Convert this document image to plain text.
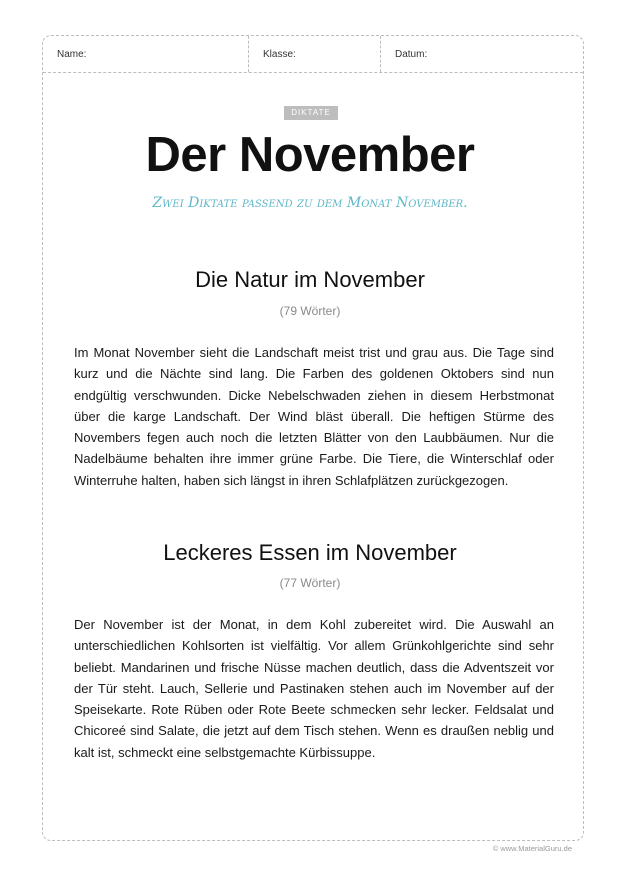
Name:	Klasse:	Datum:
DIKTATE
Der November
Zwei Diktate passend zu dem Monat November.
Die Natur im November
(79 Wörter)
Im Monat November sieht die Landschaft meist trist und grau aus. Die Tage sind kurz und die Nächte sind lang. Die Farben des goldenen Oktobers sind nun endgültig verschwunden. Dicke Nebelschwaden ziehen in diesem Herbstmonat über die karge Landschaft. Der Wind bläst überall. Die heftigen Stürme des Novembers fegen auch noch die letzten Blätter von den Laubbäumen. Nur die Nadelbäume behalten ihre immer grüne Farbe. Die Tiere, die Winterschlaf oder Winterruhe halten, haben sich längst in ihren Schlafplätzen zurückgezogen.
Leckeres Essen im November
(77 Wörter)
Der November ist der Monat, in dem Kohl zubereitet wird. Die Auswahl an unterschiedlichen Kohlsorten ist vielfältig. Vor allem Grünkohlgerichte sind sehr beliebt. Mandarinen und frische Nüsse machen deutlich, dass die Adventszeit vor der Tür steht. Lauch, Sellerie und Pastinaken stehen auch im November auf der Speisekarte. Rote Rüben oder Rote Beete schmecken sehr lecker. Feldsalat und Chicoreé sind Salate, die jetzt auf dem Tisch stehen. Wenn es draußen neblig und kalt ist, schmeckt eine selbstgemachte Kürbissuppe.
© www.MaterialGuru.de
